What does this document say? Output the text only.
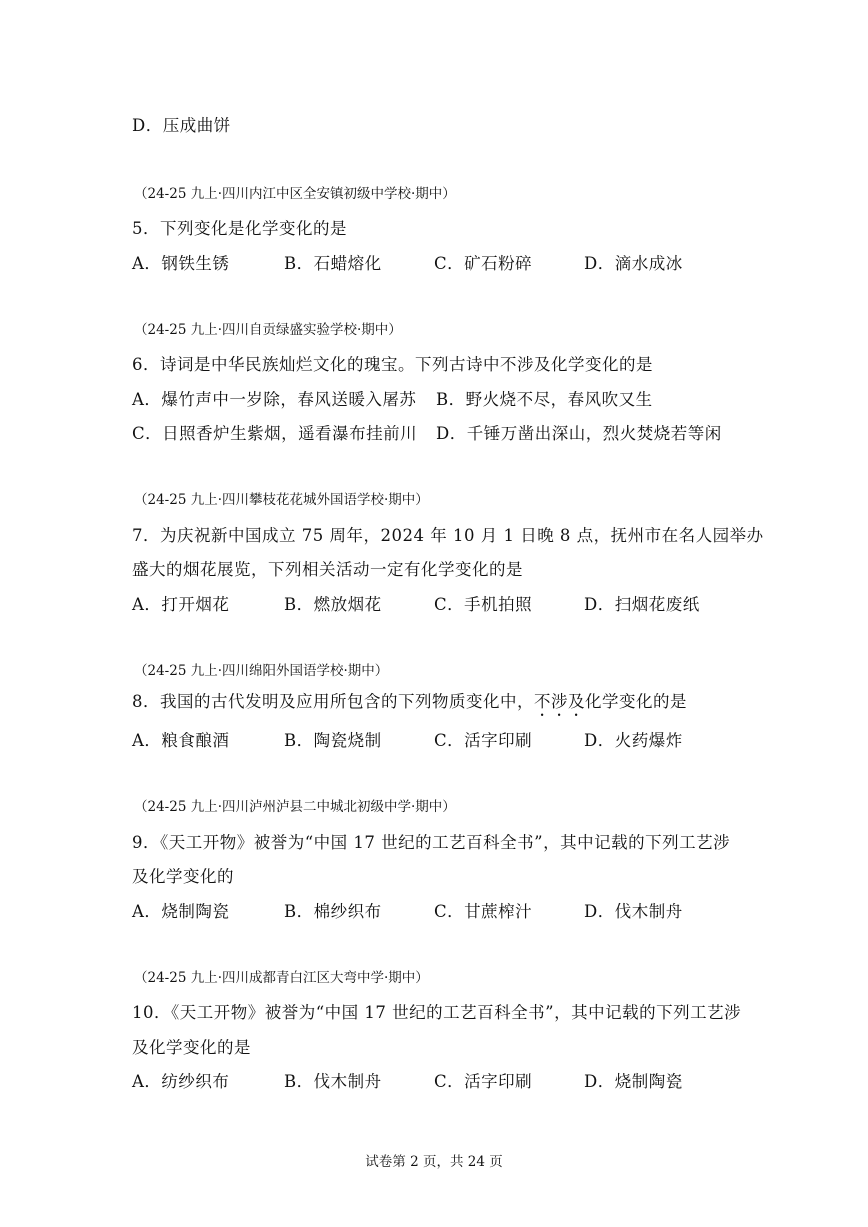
D．压成曲饼
（24-25 九上·四川内江中区全安镇初级中学校·期中）
5．下列变化是化学变化的是
A．钢铁生锈	B．石蜡熔化	C．矿石粉碎	D．滴水成冰
（24-25 九上·四川自贡绿盛实验学校·期中）
6．诗词是中华民族灿烂文化的瑰宝。下列古诗中不涉及化学变化的是
A．爆竹声中一岁除，春风送暖入屠苏 B．野火烧不尽，春风吹又生
C．日照香炉生紫烟，遥看瀑布挂前川 D．千锤万凿出深山，烈火焚烧若等闲
（24-25 九上·四川攀枝花花城外国语学校·期中）
7．为庆祝新中国成立 75 周年，2024 年 10 月 1 日晚 8 点，抚州市在名人园举办
盛大的烟花展览，下列相关活动一定有化学变化的是
A．打开烟花	B．燃放烟花	C．手机拍照	D．扫烟花废纸
（24-25 九上·四川绵阳外国语学校·期中）
8．我国的古代发明及应用所包含的下列物质变化中，不涉及化学变化的是
A．粮食酿酒	B．陶瓷烧制	C．活字印刷	D．火药爆炸
（24-25 九上·四川泸州泸县二中城北初级中学·期中）
9．《天工开物》被誉为“中国 17 世纪的工艺百科全书”，其中记载的下列工艺涉
及化学变化的
A．烧制陶瓷	B．棉纱织布	C．甘蔗榨汁	D．伐木制舟
（24-25 九上·四川成都青白江区大弯中学·期中）
10．《天工开物》被誉为“中国 17 世纪的工艺百科全书”，其中记载的下列工艺涉
及化学变化的是
A．纺纱织布	B．伐木制舟	C．活字印刷	D．烧制陶瓷
试卷第 2 页，共 24 页
